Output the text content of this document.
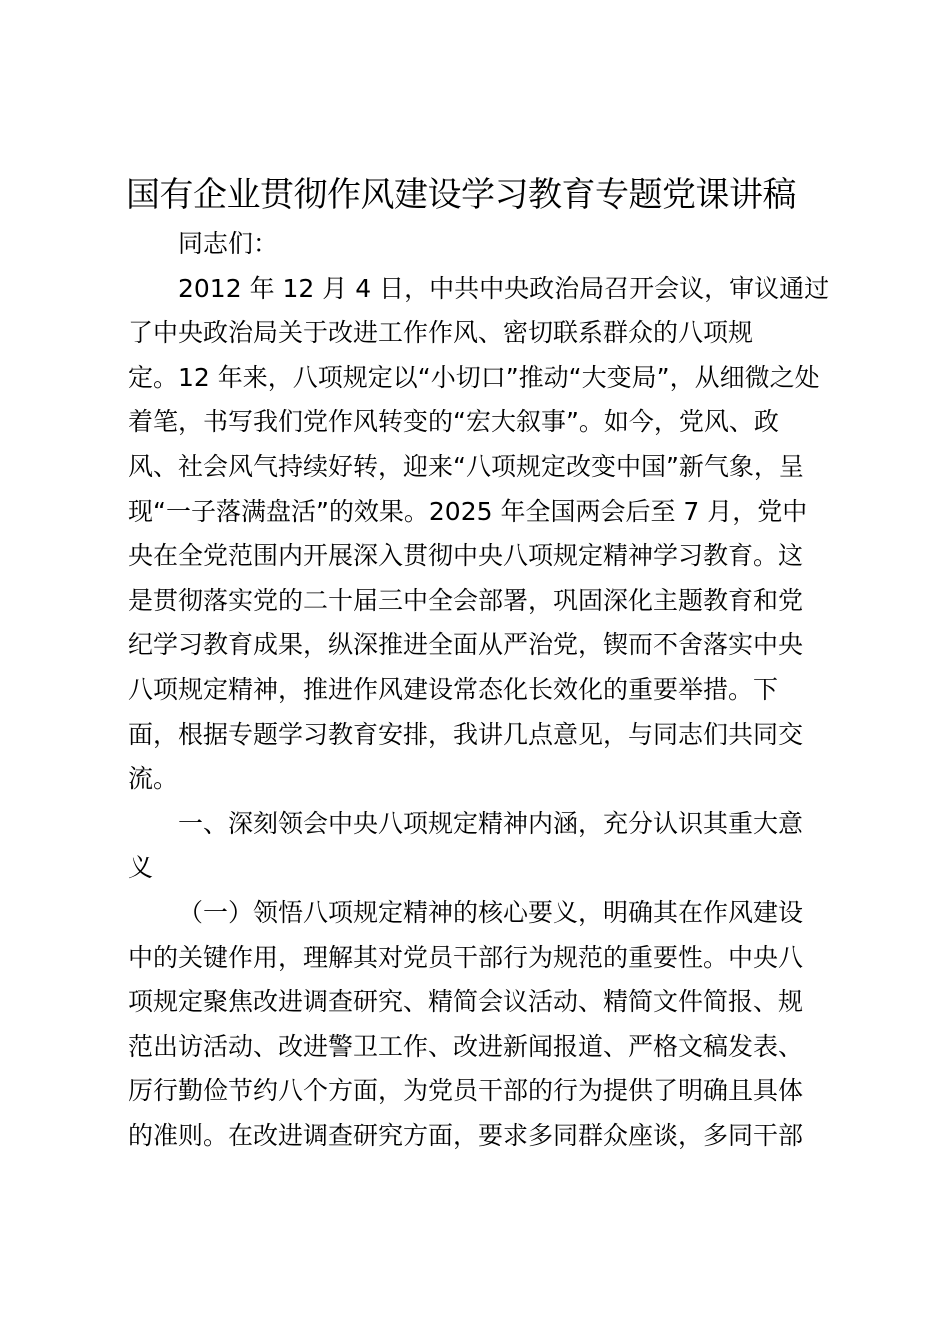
国有企业贯彻作风建设学习教育专题党课讲稿
同志们：
2012 年 12 月 4 日，中共中央政治局召开会议，审议通过
了中央政治局关于改进工作作风、密切联系群众的八项规
定。12 年来，八项规定以“小切口”推动“大变局”，从细微之处
着笔，书写我们党作风转变的“宏大叙事”。如今，党风、政
风、社会风气持续好转，迎来“八项规定改变中国”新气象，呈
现“一子落满盘活”的效果。2025 年全国两会后至 7 月，党中
央在全党范围内开展深入贯彻中央八项规定精神学习教育。这
是贯彻落实党的二十届三中全会部署，巩固深化主题教育和党
纪学习教育成果，纵深推进全面从严治党，锲而不舍落实中央
八项规定精神，推进作风建设常态化长效化的重要举措。下
面，根据专题学习教育安排，我讲几点意见，与同志们共同交
流。
一、深刻领会中央八项规定精神内涵，充分认识其重大意
义
（一）领悟八项规定精神的核心要义，明确其在作风建设
中的关键作用，理解其对党员干部行为规范的重要性。中央八
项规定聚焦改进调查研究、精简会议活动、精简文件简报、规
范出访活动、改进警卫工作、改进新闻报道、严格文稿发表、
厉行勤俭节约八个方面，为党员干部的行为提供了明确且具体
的准则。在改进调查研究方面，要求多同群众座谈，多同干部
